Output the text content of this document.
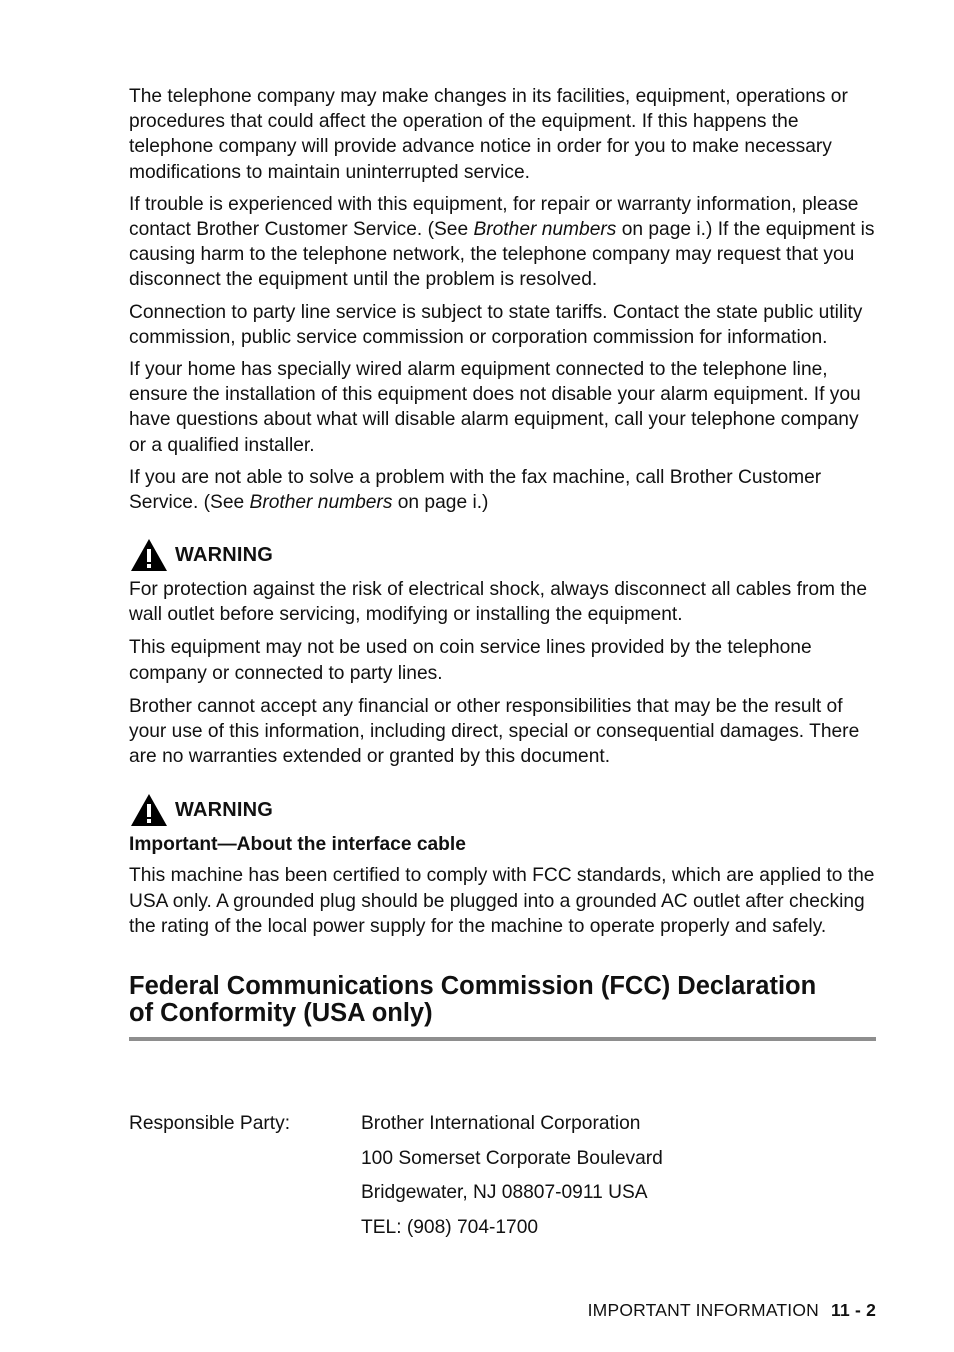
The telephone company may make changes in its facilities, equipment, operations or procedures that could affect the operation of the equipment. If this happens the telephone company will provide advance notice in order for you to make necessary modifications to maintain uninterrupted service.

If trouble is experienced with this equipment, for repair or warranty information, please contact Brother Customer Service. (See Brother numbers on page i.) If the equipment is causing harm to the telephone network, the telephone company may request that you disconnect the equipment until the problem is resolved.

Connection to party line service is subject to state tariffs. Contact the state public utility commission, public service commission or corporation commission for information.

If your home has specially wired alarm equipment connected to the telephone line, ensure the installation of this equipment does not disable your alarm equipment. If you have questions about what will disable alarm equipment, call your telephone company or a qualified installer.

If you are not able to solve a problem with the fax machine, call Brother Customer Service. (See Brother numbers on page i.)

WARNING

For protection against the risk of electrical shock, always disconnect all cables from the wall outlet before servicing, modifying or installing the equipment.

This equipment may not be used on coin service lines provided by the telephone company or connected to party lines.

Brother cannot accept any financial or other responsibilities that may be the result of your use of this information, including direct, special or consequential damages. There are no warranties extended or granted by this document.

WARNING
Important—About the interface cable

This machine has been certified to comply with FCC standards, which are applied to the USA only. A grounded plug should be plugged into a grounded AC outlet after checking the rating of the local power supply for the machine to operate properly and safely.

Federal Communications Commission (FCC) Declaration
of Conformity (USA only)
Responsible Party:	Brother International Corporation
100 Somerset Corporate Boulevard
Bridgewater, NJ 08807-0911 USA
TEL: (908) 704-1700
IMPORTANT INFORMATION 11 - 2
